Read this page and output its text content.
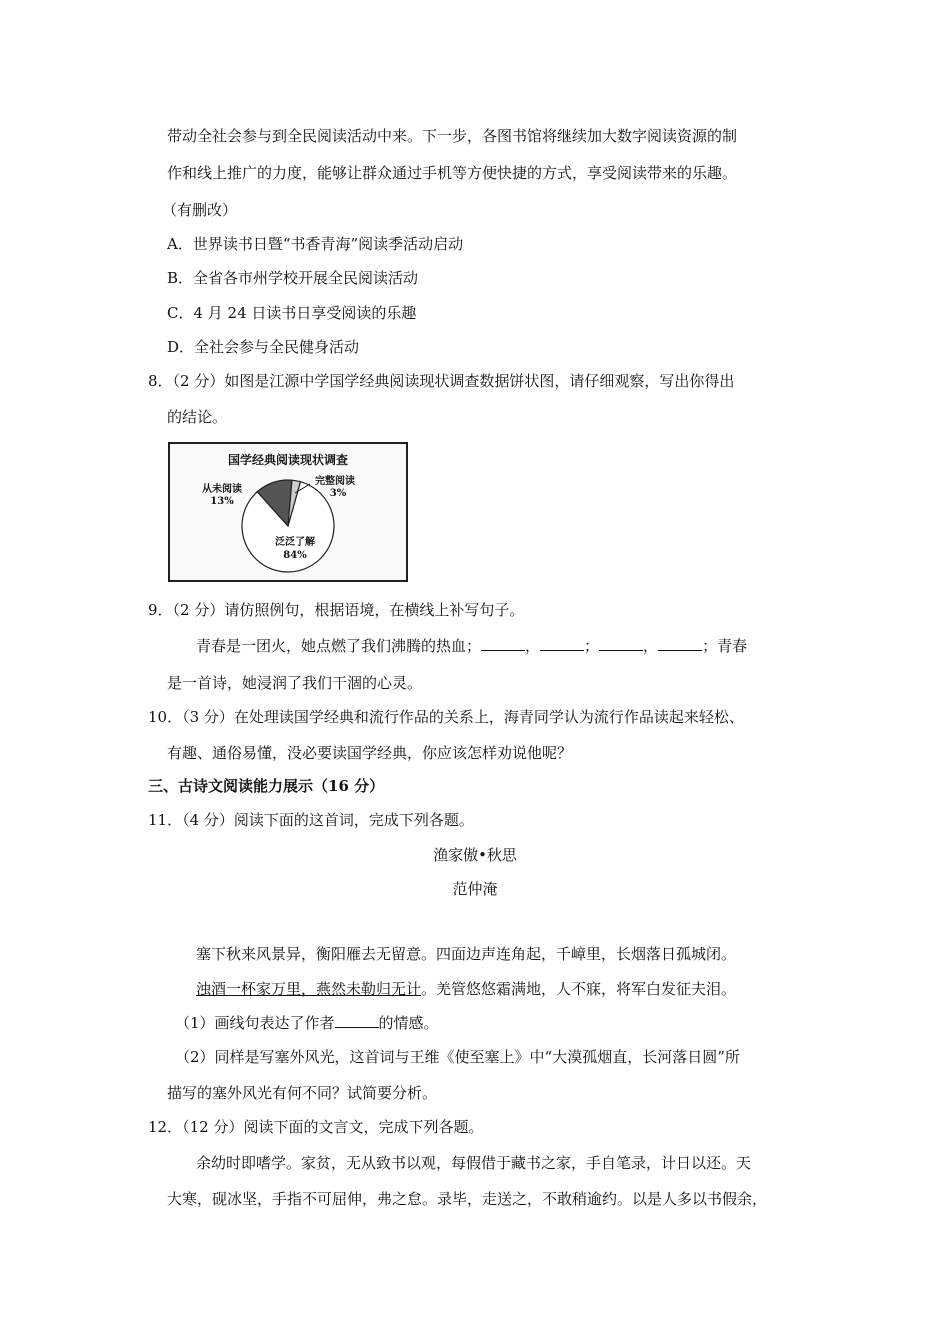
带动全社会参与到全民阅读活动中来。下一步，各图书馆将继续加大数字阅读资源的制
作和线上推广的力度，能够让群众通过手机等方便快捷的方式，享受阅读带来的乐趣。
（有删改）
A．世界读书日暨“书香青海”阅读季活动启动
B．全省各市州学校开展全民阅读活动
C．4 月 24 日读书日享受阅读的乐趣
D．全社会参与全民健身活动
8．（2 分）如图是江源中学国学经典阅读现状调查数据饼状图，请仔细观察，写出你得出
的结论。
国学经典阅读现状调查
泛泛了解
84%
从未阅读
13%
完整阅读
3%
9．（2 分）请仿照例句，根据语境，在横线上补写句子。
青春是一团火，她点燃了我们沸腾的热血；	，	；	，	；青春
是一首诗，她浸润了我们干涸的心灵。
10．（3 分）在处理读国学经典和流行作品的关系上，海青同学认为流行作品读起来轻松、
有趣、通俗易懂，没必要读国学经典，你应该怎样劝说他呢？
三、古诗文阅读能力展示（16 分）
11．（4 分）阅读下面的这首词，完成下列各题。
渔家傲•秋思
范仲淹
塞下秋来风景异，衡阳雁去无留意。四面边声连角起，千嶂里，长烟落日孤城闭。
浊酒一杯家万里，燕然未勒归无计。羌管悠悠霜满地，人不寐，将军白发征夫泪。
（1）画线句表达了作者	的情感。
（2）同样是写塞外风光，这首词与王维《使至塞上》中“大漠孤烟直，长河落日圆”所
描写的塞外风光有何不同？试简要分析。
12．（12 分）阅读下面的文言文，完成下列各题。
余幼时即嗜学。家贫，无从致书以观，每假借于藏书之家，手自笔录，计日以还。天
大寒，砚冰坚，手指不可屈伸，弗之怠。录毕，走送之，不敢稍逾约。以是人多以书假余，
